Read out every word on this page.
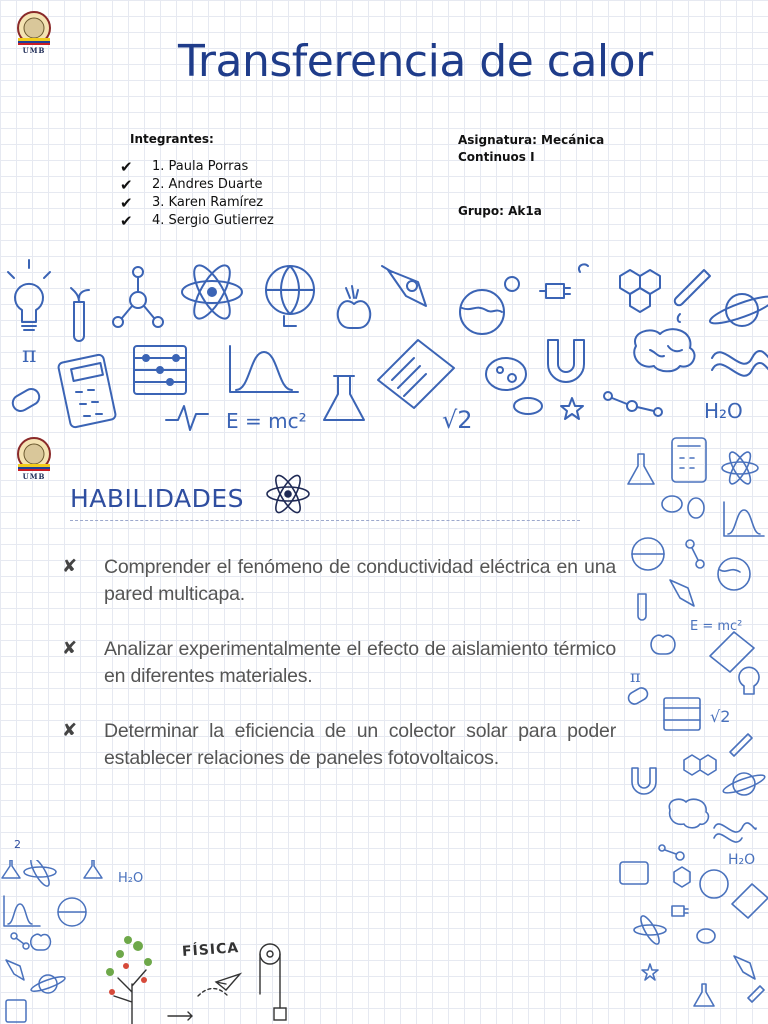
UMB	Transferencia de calor
Integrantes:
✔	1. Paula Porras
✔	2. Andres Duarte
✔	3. Karen Ramírez
✔	4. Sergio Gutierrez
Asignatura: Mecánica Continuos I
Grupo: Ak1a
E = mc²
π
√2	H₂O
UMB
HABILIDADES
✘	Comprender el fenómeno de conductividad eléctrica en una pared multicapa.
✘	Analizar experimentalmente el efecto de aislamiento térmico en diferentes materiales.
✘	Determinar la eficiencia de un colector solar para poder establecer relaciones de paneles fotovoltaicos.
2
E = mc²
π
√2
H₂O
H₂O
FÍSICA
